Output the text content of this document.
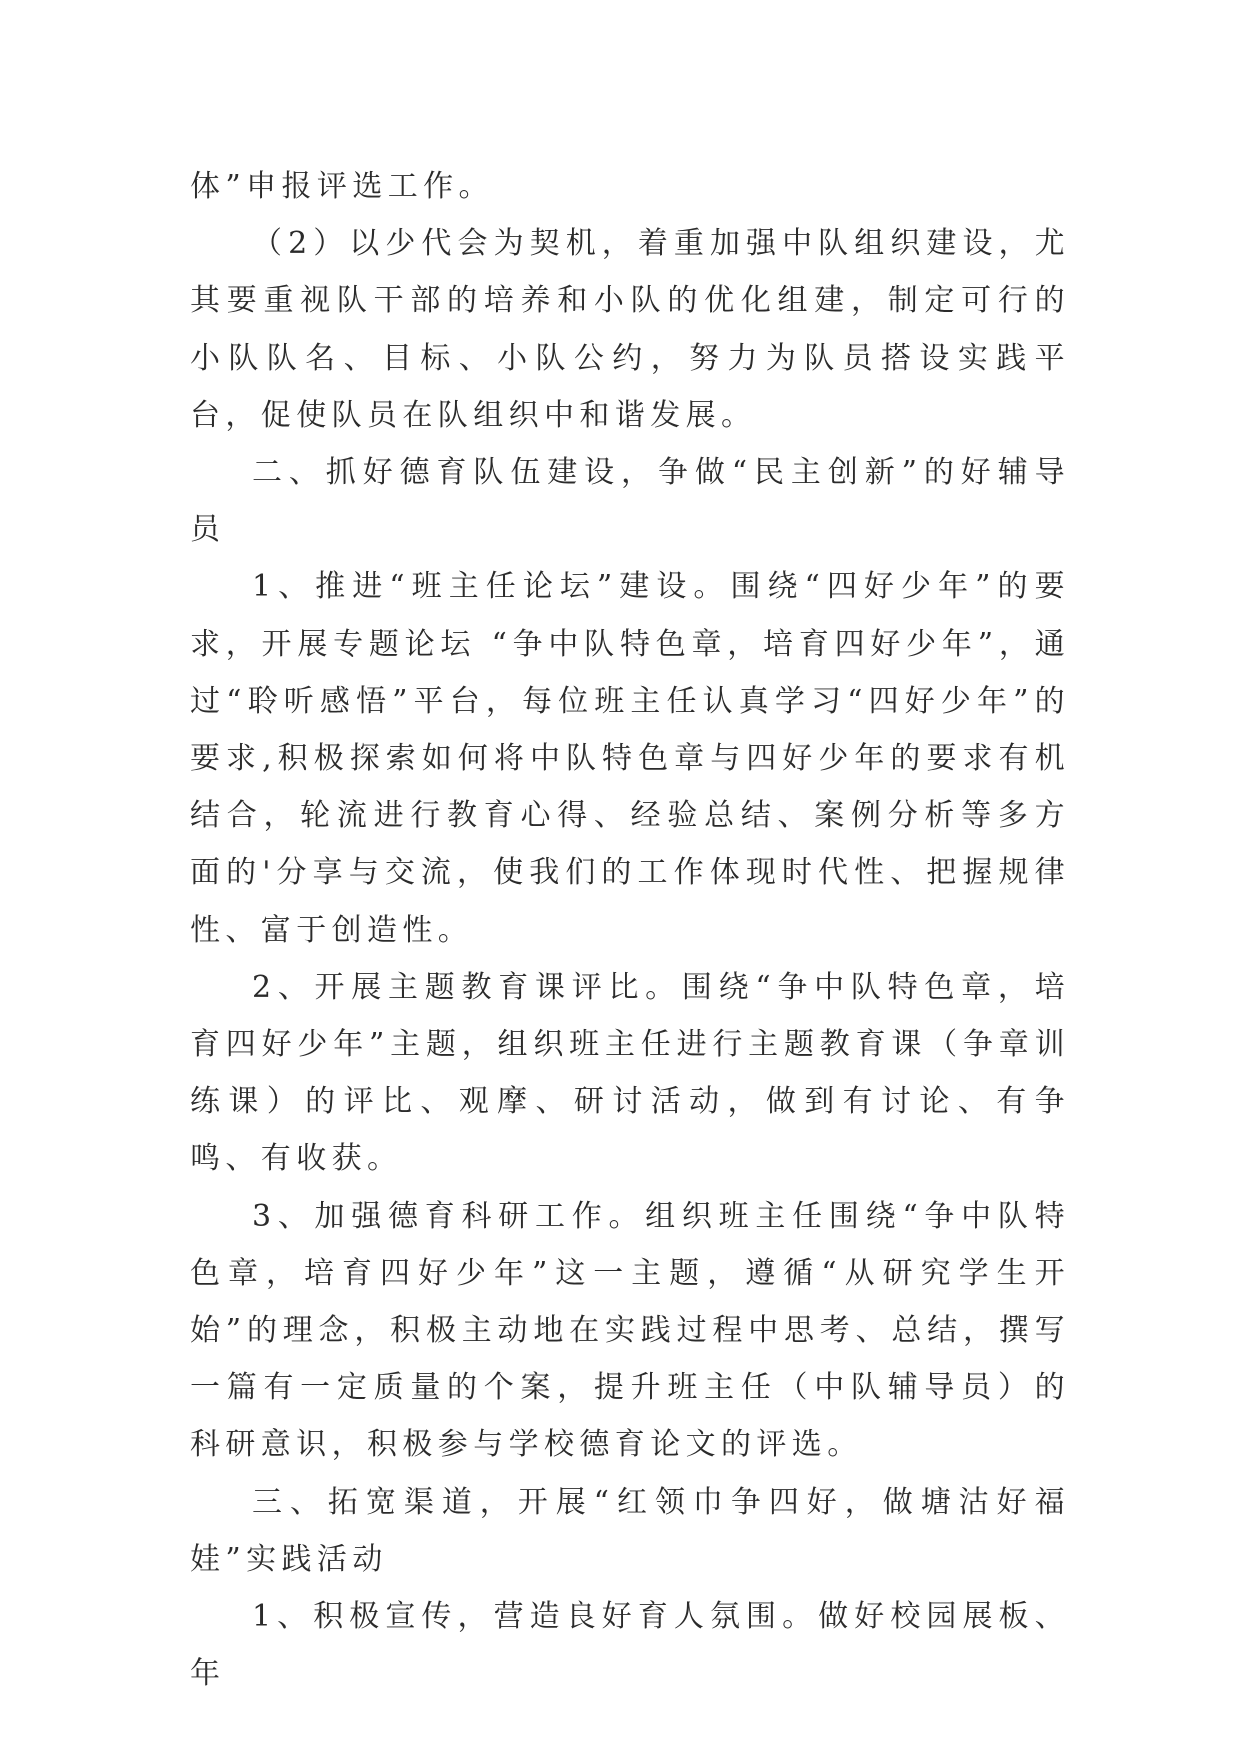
体”申报评选工作。

（2）以少代会为契机，着重加强中队组织建设，尤其要重视队干部的培养和小队的优化组建，制定可行的小队队名、目标、小队公约，努力为队员搭设实践平台，促使队员在队组织中和谐发展。

二、抓好德育队伍建设，争做“民主创新”的好辅导员

1、推进“班主任论坛”建设。围绕“四好少年”的要求，开展专题论坛 “争中队特色章，培育四好少年”，通过“聆听感悟”平台，每位班主任认真学习“四好少年”的要求,积极探索如何将中队特色章与四好少年的要求有机结合，轮流进行教育心得、经验总结、案例分析等多方面的'分享与交流，使我们的工作体现时代性、把握规律性、富于创造性。

2、开展主题教育课评比。围绕“争中队特色章，培育四好少年”主题，组织班主任进行主题教育课（争章训练课）的评比、观摩、研讨活动，做到有讨论、有争鸣、有收获。

3、加强德育科研工作。组织班主任围绕“争中队特色章，培育四好少年”这一主题，遵循“从研究学生开始”的理念，积极主动地在实践过程中思考、总结，撰写一篇有一定质量的个案，提升班主任（中队辅导员）的科研意识，积极参与学校德育论文的评选。

三、拓宽渠道，开展“红领巾争四好，做塘沽好福娃”实践活动

1、积极宣传，营造良好育人氛围。做好校园展板、年
